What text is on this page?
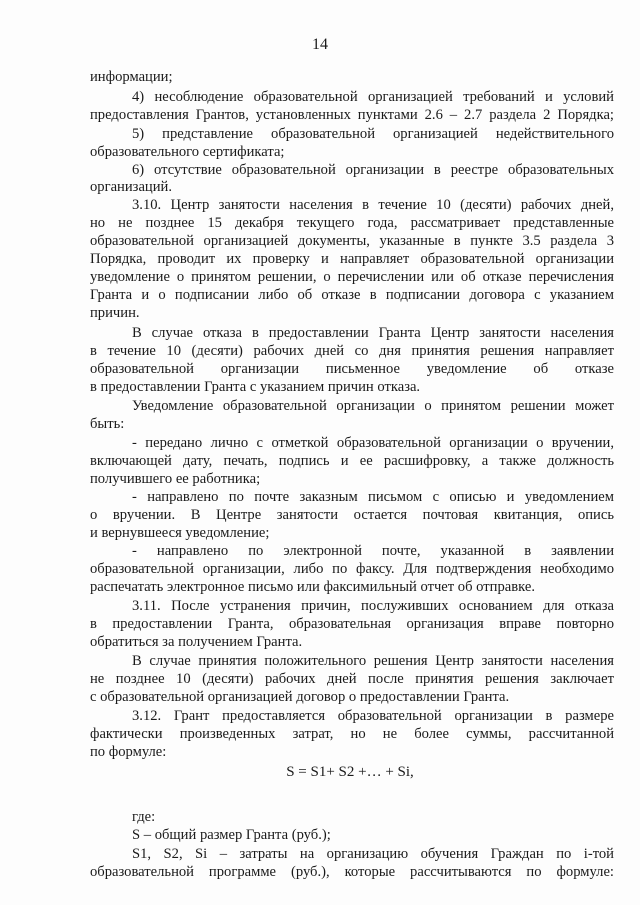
14
информации;
4) несоблюдение образовательной организацией требований и условий
предоставления Грантов, установленных пунктами 2.6 – 2.7 раздела 2 Порядка;
5) представление образовательной организацией недействительного
образовательного сертификата;
6) отсутствие образовательной организации в реестре образовательных
организаций.
3.10. Центр занятости населения в течение 10 (десяти) рабочих дней,
но не позднее 15 декабря текущего года, рассматривает представленные
образовательной организацией документы, указанные в пункте 3.5 раздела 3
Порядка, проводит их проверку и направляет образовательной организации
уведомление о принятом решении, о перечислении или об отказе перечисления
Гранта и о подписании либо об отказе в подписании договора с указанием
причин.
В случае отказа в предоставлении Гранта Центр занятости населения
в течение 10 (десяти) рабочих дней со дня принятия решения направляет
образовательной организации письменное уведомление об отказе
в предоставлении Гранта с указанием причин отказа.
Уведомление образовательной организации о принятом решении может
быть:
- передано лично с отметкой образовательной организации о вручении,
включающей дату, печать, подпись и ее расшифровку, а также должность
получившего ее работника;
- направлено по почте заказным письмом с описью и уведомлением
о вручении. В Центре занятости остается почтовая квитанция, опись
и вернувшееся уведомление;
- направлено по электронной почте, указанной в заявлении
образовательной организации, либо по факсу. Для подтверждения необходимо
распечатать электронное письмо или факсимильный отчет об отправке.
3.11. После устранения причин, послуживших основанием для отказа
в предоставлении Гранта, образовательная организация вправе повторно
обратиться за получением Гранта.
В случае принятия положительного решения Центр занятости населения
не позднее 10 (десяти) рабочих дней после принятия решения заключает
с образовательной организацией договор о предоставлении Гранта.
3.12. Грант предоставляется образовательной организации в размере
фактически произведенных затрат, но не более суммы, рассчитанной
по формуле:
S = S1+ S2 +… + Si,
где:
S – общий размер Гранта (руб.);
S1, S2, Si – затраты на организацию обучения Граждан по i-той
образовательной программе (руб.), которые рассчитываются по формуле:
